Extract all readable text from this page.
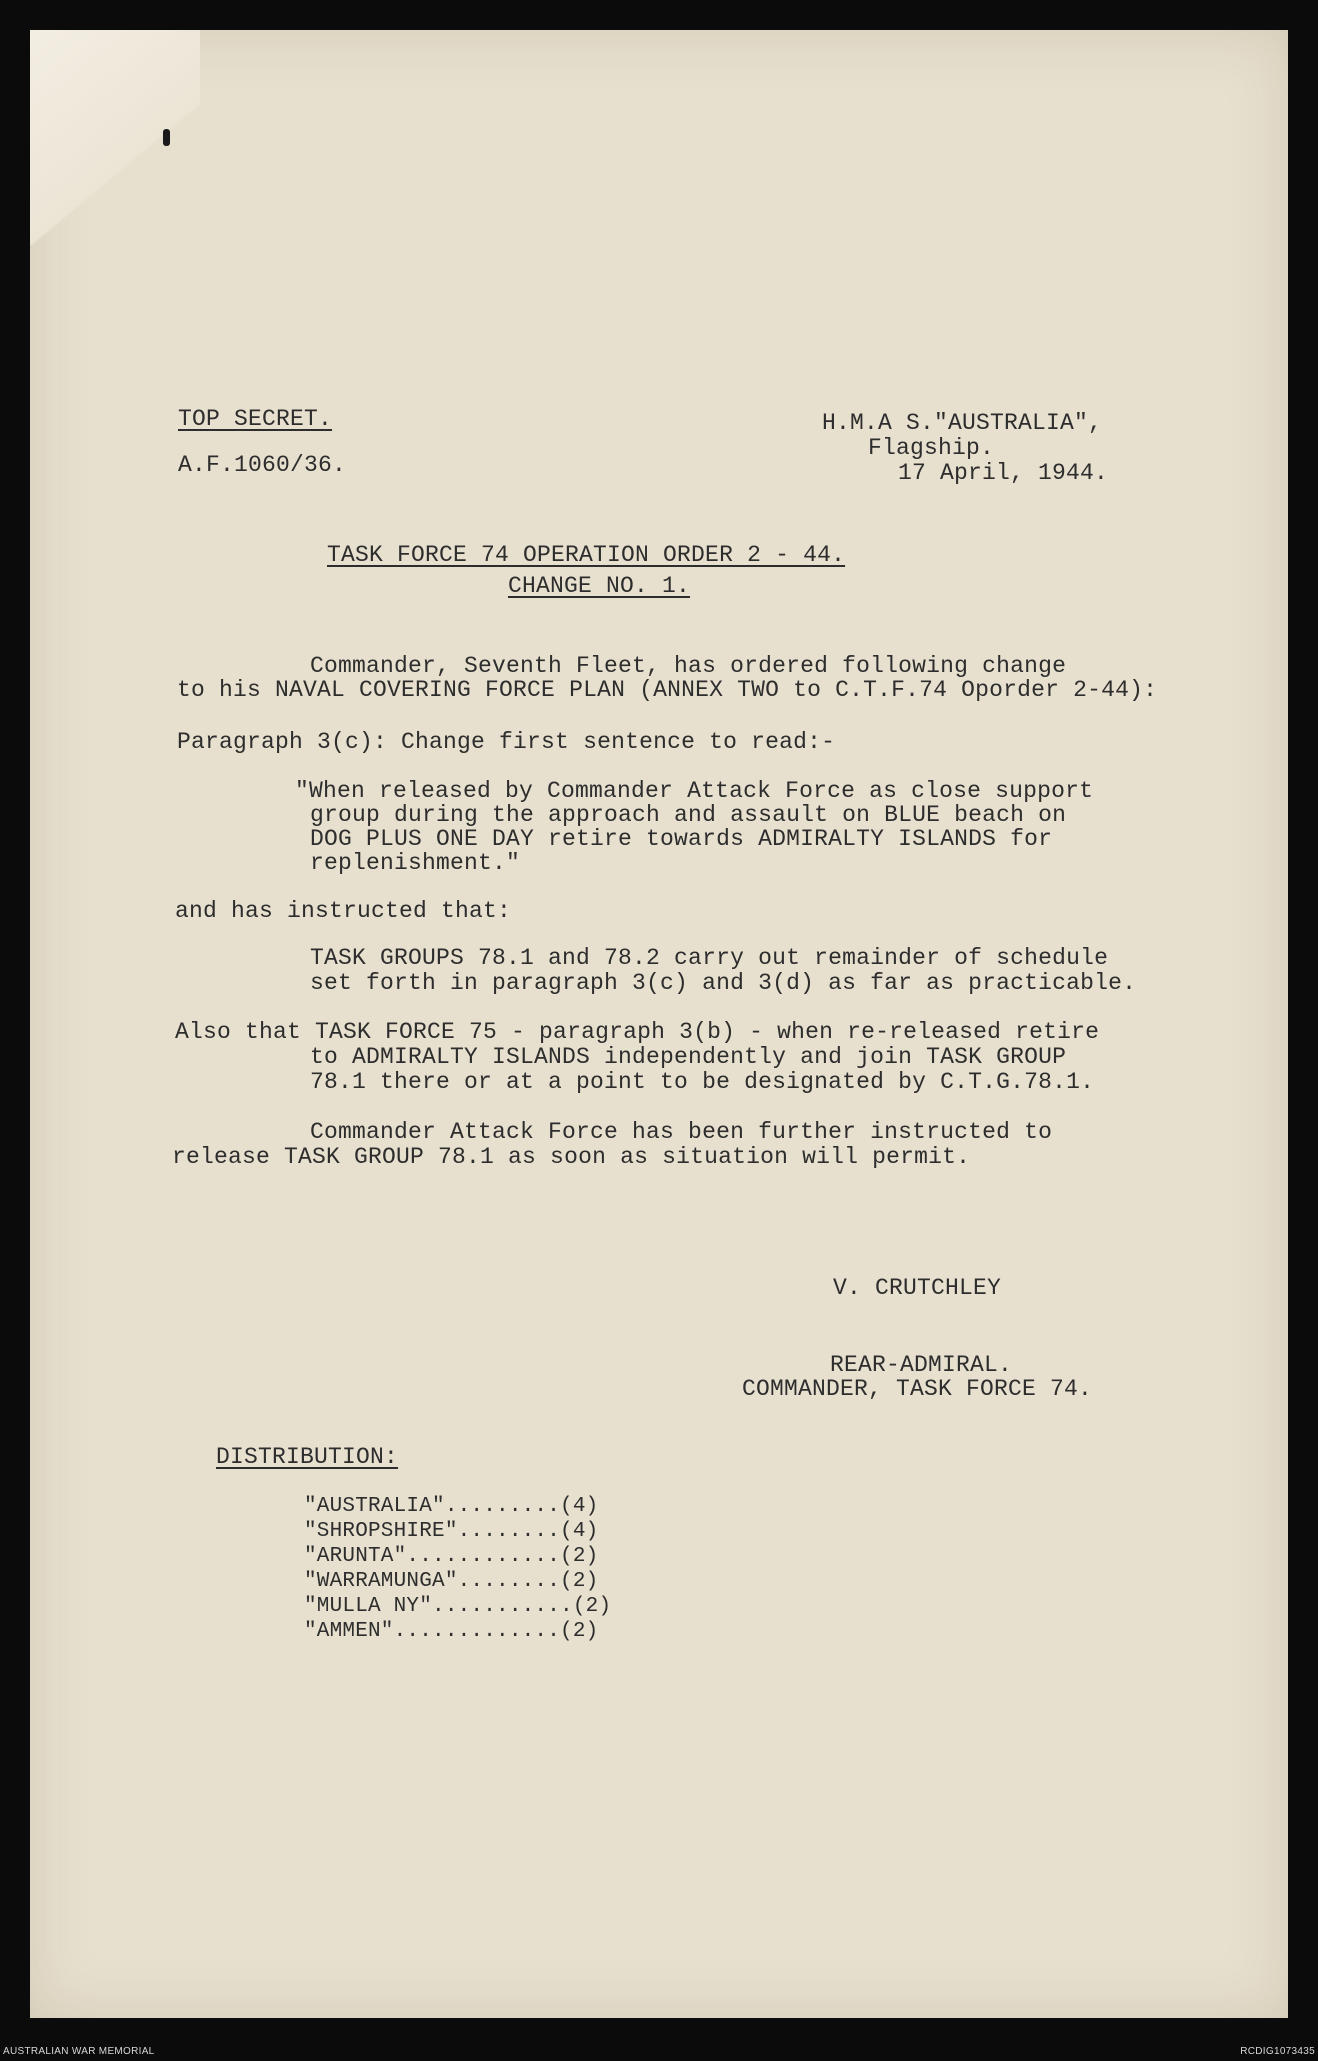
TOP SECRET.
A.F.1060/36.
H.M.A S."AUSTRALIA",
Flagship.
17 April, 1944.
TASK FORCE 74 OPERATION ORDER 2 - 44.
CHANGE NO. 1.
Commander, Seventh Fleet, has ordered following change
to his NAVAL COVERING FORCE PLAN (ANNEX TWO to C.T.F.74 Oporder 2-44):
Paragraph 3(c): Change first sentence to read:-
"When released by Commander Attack Force as close support
group during the approach and assault on BLUE beach on
DOG PLUS ONE DAY retire towards ADMIRALTY ISLANDS for
replenishment."
and has instructed that:
TASK GROUPS 78.1 and 78.2 carry out remainder of schedule
set forth in paragraph 3(c) and 3(d) as far as practicable.
Also that TASK FORCE 75 - paragraph 3(b) - when re-released retire
to ADMIRALTY ISLANDS independently and join TASK GROUP
78.1 there or at a point to be designated by C.T.G.78.1.
Commander Attack Force has been further instructed to
release TASK GROUP 78.1 as soon as situation will permit.
V. CRUTCHLEY
REAR-ADMIRAL.
COMMANDER, TASK FORCE 74.
DISTRIBUTION:
"AUSTRALIA".........(4)
"SHROPSHIRE"........(4)
"ARUNTA"............(2)
"WARRAMUNGA"........(2)
"MULLA NY"...........(2)
"AMMEN".............(2)
AUSTRALIAN WAR MEMORIAL	RCDIG1073435
